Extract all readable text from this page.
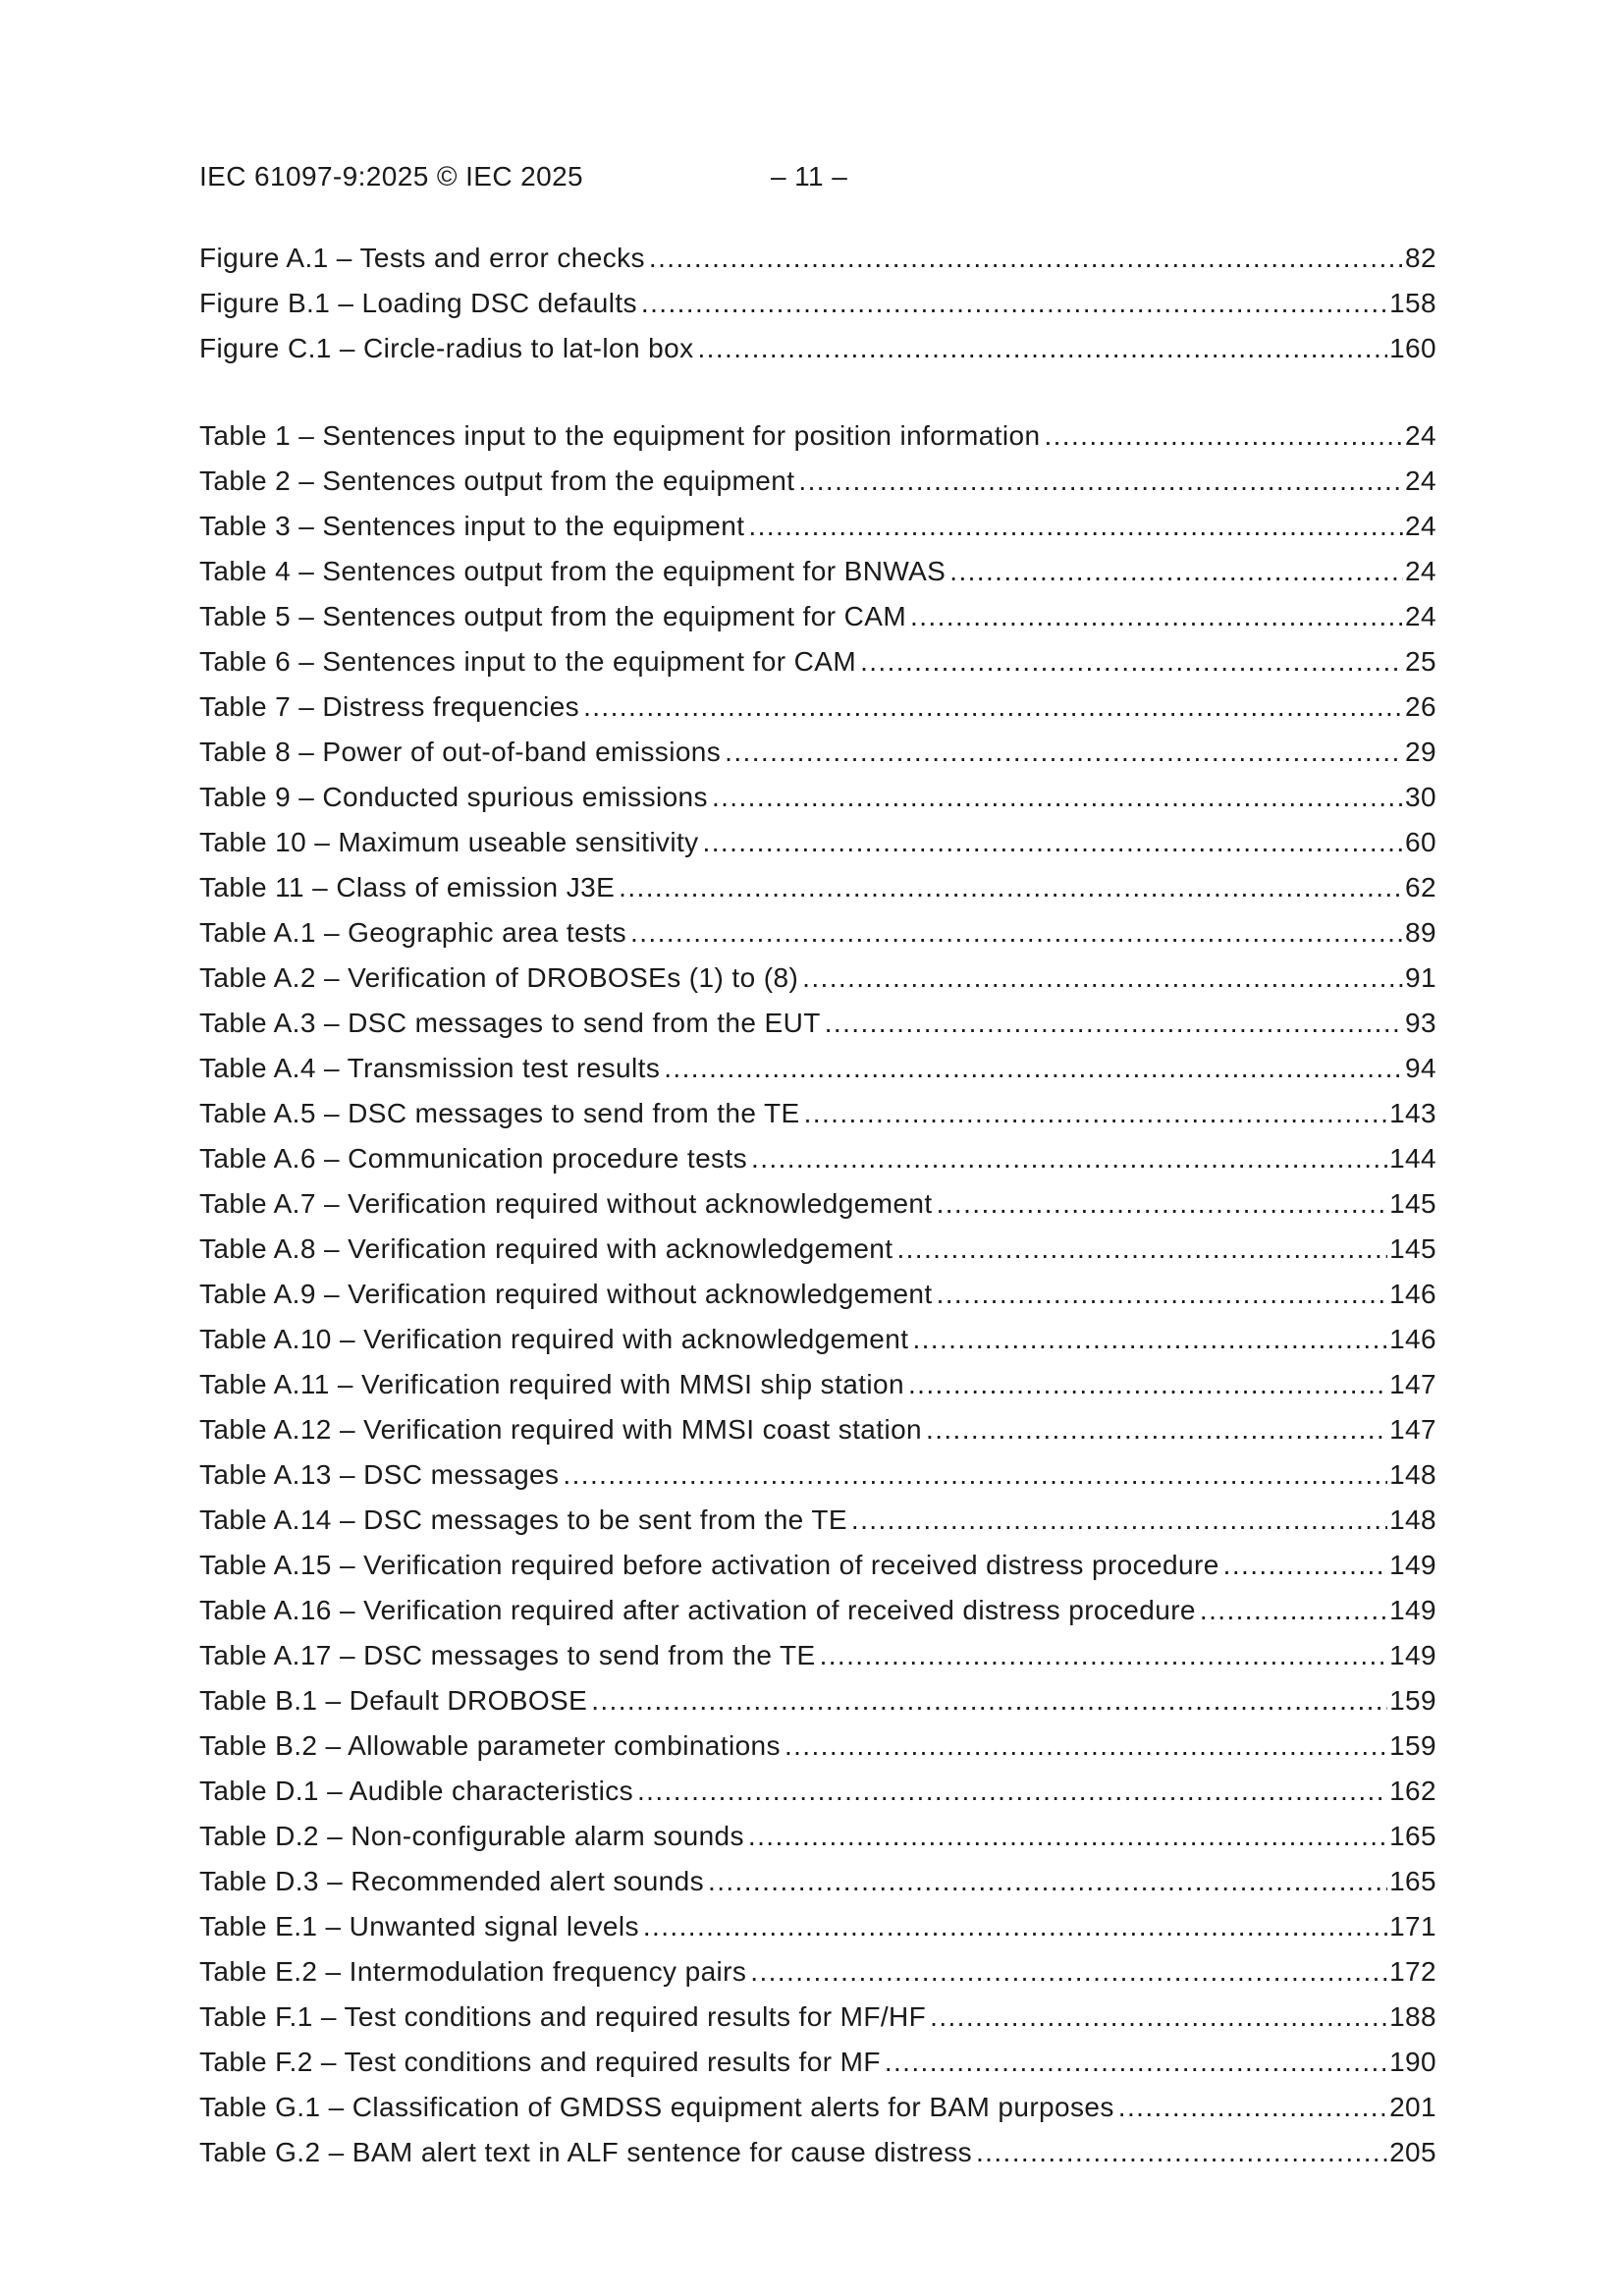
IEC 61097-9:2025 © IEC 2025	– 11 –
Figure A.1 – Tests and error checks .....	82
Figure B.1 – Loading DSC defaults .....	158
Figure C.1 – Circle-radius to lat-lon box .....	160
Table 1 – Sentences input to the equipment for position information .....	24
Table 2 – Sentences output from the equipment .....	24
Table 3 – Sentences input to the equipment .....	24
Table 4 – Sentences output from the equipment for BNWAS .....	24
Table 5 – Sentences output from the equipment for CAM .....	24
Table 6 – Sentences input to the equipment for CAM .....	25
Table 7 – Distress frequencies .....	26
Table 8 – Power of out-of-band emissions .....	29
Table 9 – Conducted spurious emissions .....	30
Table 10 – Maximum useable sensitivity .....	60
Table 11 – Class of emission J3E .....	62
Table A.1 – Geographic area tests .....	89
Table A.2 – Verification of DROBOSEs (1) to (8) .....	91
Table A.3 – DSC messages to send from the EUT .....	93
Table A.4 – Transmission test results .....	94
Table A.5 – DSC messages to send from the TE .....	143
Table A.6 – Communication procedure tests .....	144
Table A.7 – Verification required without acknowledgement .....	145
Table A.8 – Verification required with acknowledgement .....	145
Table A.9 – Verification required without acknowledgement .....	146
Table A.10 – Verification required with acknowledgement .....	146
Table A.11 – Verification required with MMSI ship station .....	147
Table A.12 – Verification required with MMSI coast station .....	147
Table A.13 – DSC messages .....	148
Table A.14 – DSC messages to be sent from the TE .....	148
Table A.15 – Verification required before activation of received distress procedure .....	149
Table A.16 – Verification required after activation of received distress procedure .....	149
Table A.17 – DSC messages to send from the TE .....	149
Table B.1 – Default DROBOSE .....	159
Table B.2 – Allowable parameter combinations .....	159
Table D.1 – Audible characteristics .....	162
Table D.2 – Non-configurable alarm sounds .....	165
Table D.3 – Recommended alert sounds .....	165
Table E.1 – Unwanted signal levels .....	171
Table E.2 – Intermodulation frequency pairs .....	172
Table F.1 – Test conditions and required results for MF/HF .....	188
Table F.2 – Test conditions and required results for MF .....	190
Table G.1 – Classification of GMDSS equipment alerts for BAM purposes .....	201
Table G.2 – BAM alert text in ALF sentence for cause distress .....	205
